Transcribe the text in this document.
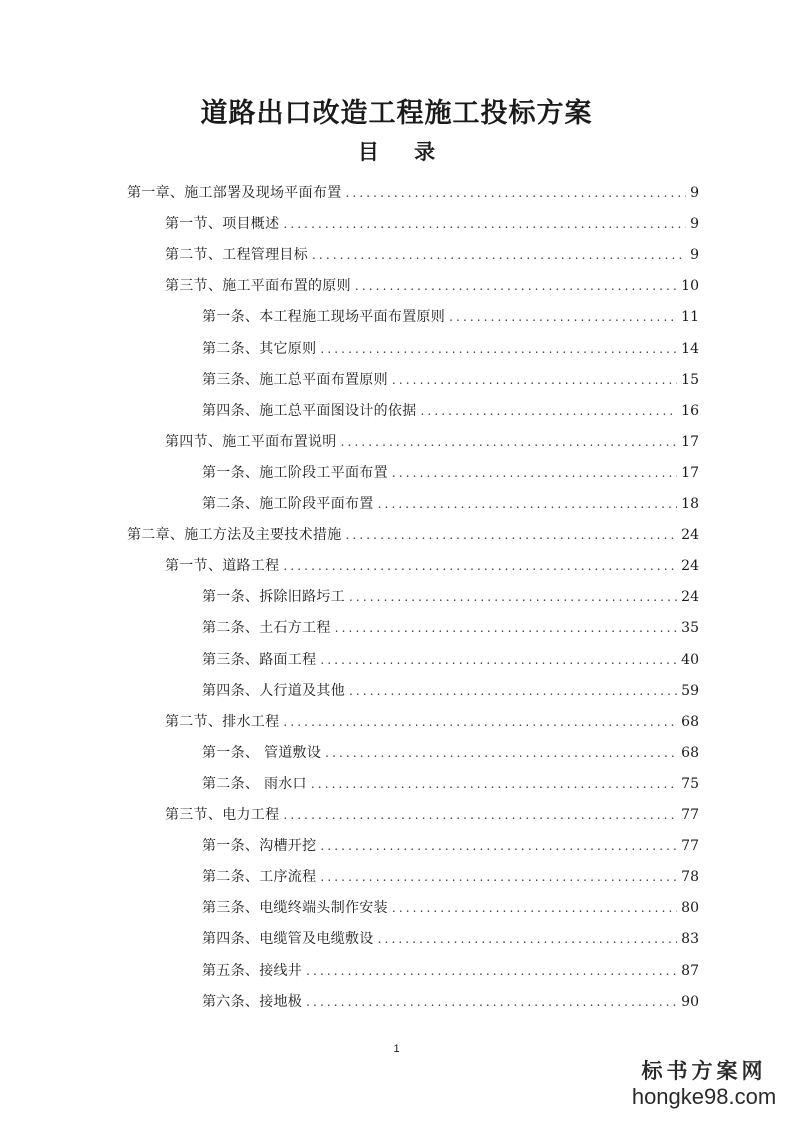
道路出口改造工程施工投标方案
目 录
第一章、施工部署及现场平面布置 .....	9
第一节、项目概述 .....	9
第二节、工程管理目标 .....	9
第三节、施工平面布置的原则 .....	10
第一条、本工程施工现场平面布置原则 .....	11
第二条、其它原则 .....	14
第三条、施工总平面布置原则 .....	15
第四条、施工总平面图设计的依据 .....	16
第四节、施工平面布置说明 .....	17
第一条、施工阶段工平面布置 .....	17
第二条、施工阶段平面布置 .....	18
第二章、施工方法及主要技术措施 .....	24
第一节、道路工程 .....	24
第一条、拆除旧路圬工 .....	24
第二条、土石方工程 .....	35
第三条、路面工程 .....	40
第四条、人行道及其他 .....	59
第二节、排水工程 .....	68
第一条、 管道敷设 .....	68
第二条、 雨水口 .....	75
第三节、电力工程 .....	77
第一条、沟槽开挖 .....	77
第二条、工序流程 .....	78
第三条、电缆终端头制作安装 .....	80
第四条、电缆管及电缆敷设 .....	83
第五条、接线井 .....	87
第六条、接地极 .....	90
1
标书方案网
hongke98.com
